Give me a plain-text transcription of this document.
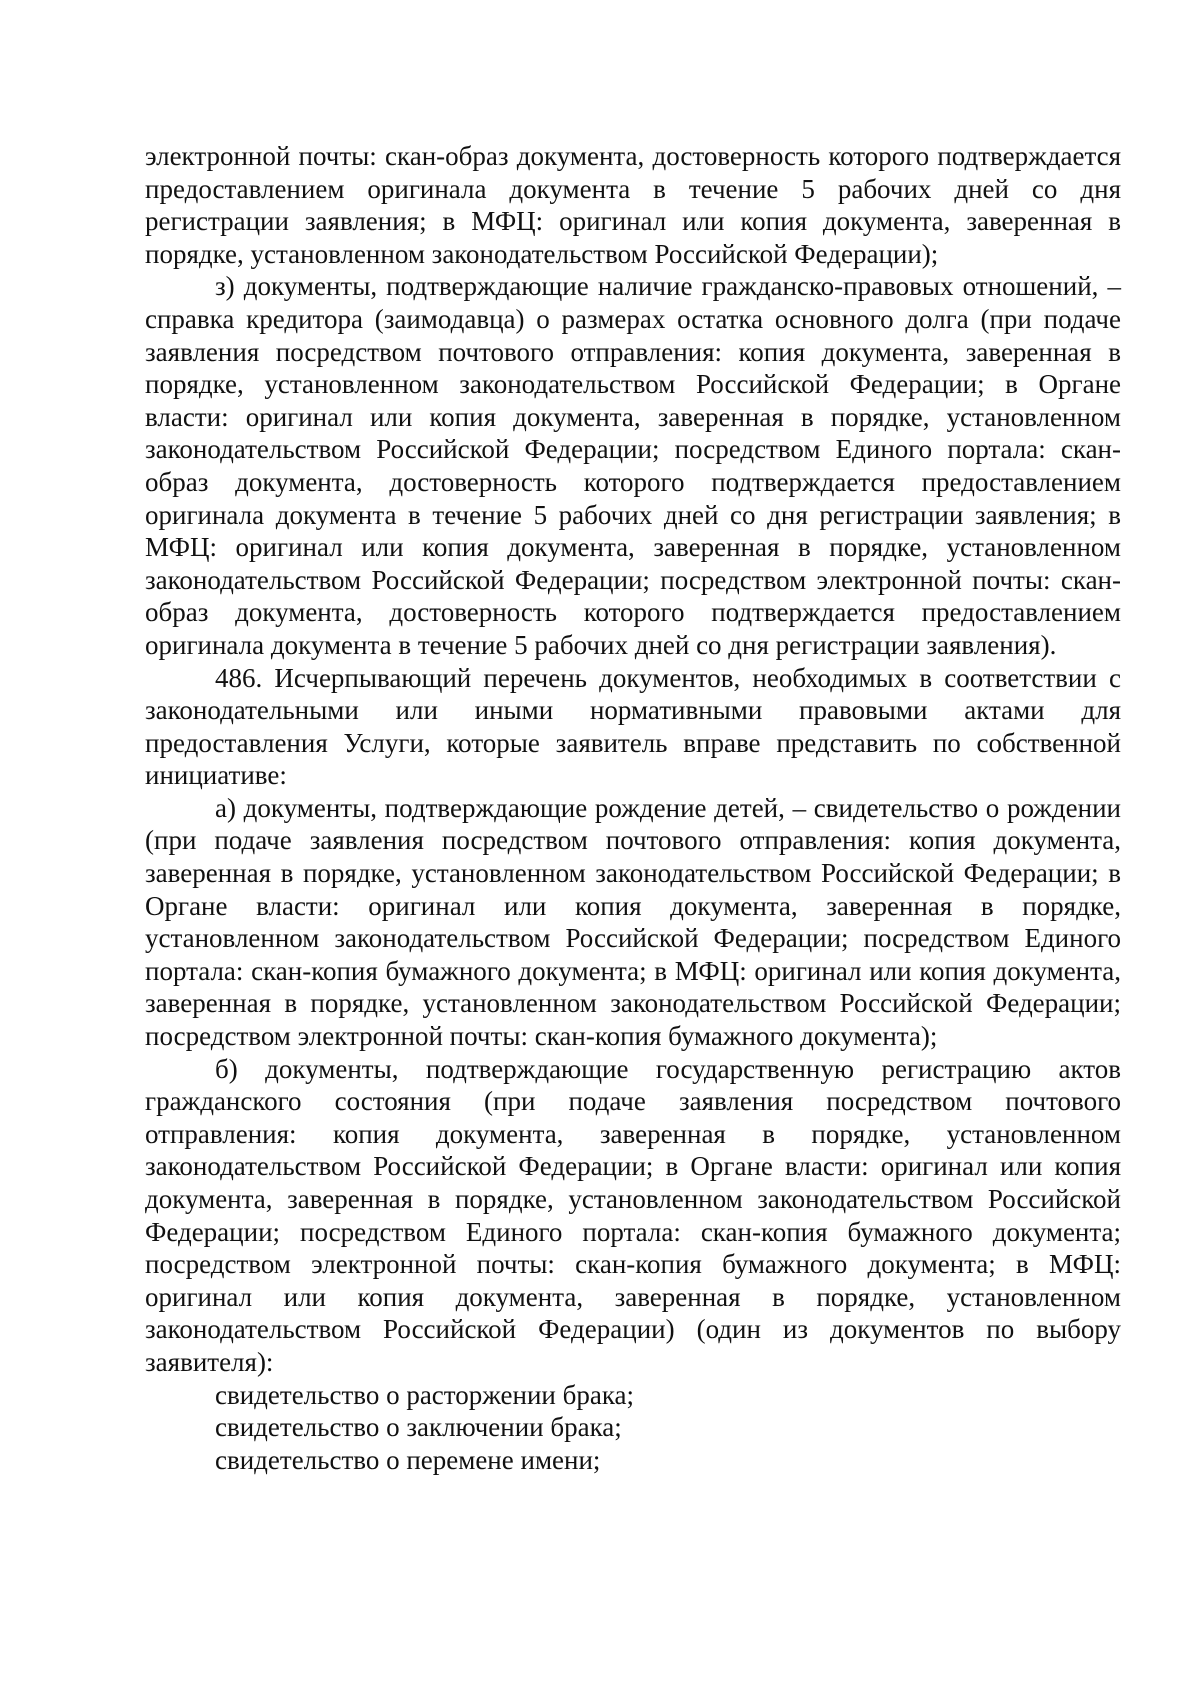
электронной почты: скан-образ документа, достоверность которого подтверждается предоставлением оригинала документа в течение 5 рабочих дней со дня регистрации заявления; в МФЦ: оригинал или копия документа, заверенная в порядке, установленном законодательством Российской Федерации);

з) документы, подтверждающие наличие гражданско-правовых отношений, – справка кредитора (заимодавца) о размерах остатка основного долга (при подаче заявления посредством почтового отправления: копия документа, заверенная в порядке, установленном законодательством Российской Федерации; в Органе власти: оригинал или копия документа, заверенная в порядке, установленном законодательством Российской Федерации; посредством Единого портала: скан-образ документа, достоверность которого подтверждается предоставлением оригинала документа в течение 5 рабочих дней со дня регистрации заявления; в МФЦ: оригинал или копия документа, заверенная в порядке, установленном законодательством Российской Федерации; посредством электронной почты: скан-образ документа, достоверность которого подтверждается предоставлением оригинала документа в течение 5 рабочих дней со дня регистрации заявления).

486. Исчерпывающий перечень документов, необходимых в соответствии с законодательными или иными нормативными правовыми актами для предоставления Услуги, которые заявитель вправе представить по собственной инициативе:

а) документы, подтверждающие рождение детей, – свидетельство о рождении (при подаче заявления посредством почтового отправления: копия документа, заверенная в порядке, установленном законодательством Российской Федерации; в Органе власти: оригинал или копия документа, заверенная в порядке, установленном законодательством Российской Федерации; посредством Единого портала: скан-копия бумажного документа; в МФЦ: оригинал или копия документа, заверенная в порядке, установленном законодательством Российской Федерации; посредством электронной почты: скан-копия бумажного документа);

б) документы, подтверждающие государственную регистрацию актов гражданского состояния (при подаче заявления посредством почтового отправления: копия документа, заверенная в порядке, установленном законодательством Российской Федерации; в Органе власти: оригинал или копия документа, заверенная в порядке, установленном законодательством Российской Федерации; посредством Единого портала: скан-копия бумажного документа; посредством электронной почты: скан-копия бумажного документа; в МФЦ: оригинал или копия документа, заверенная в порядке, установленном законодательством Российской Федерации) (один из документов по выбору заявителя):

свидетельство о расторжении брака;

свидетельство о заключении брака;

свидетельство о перемене имени;
